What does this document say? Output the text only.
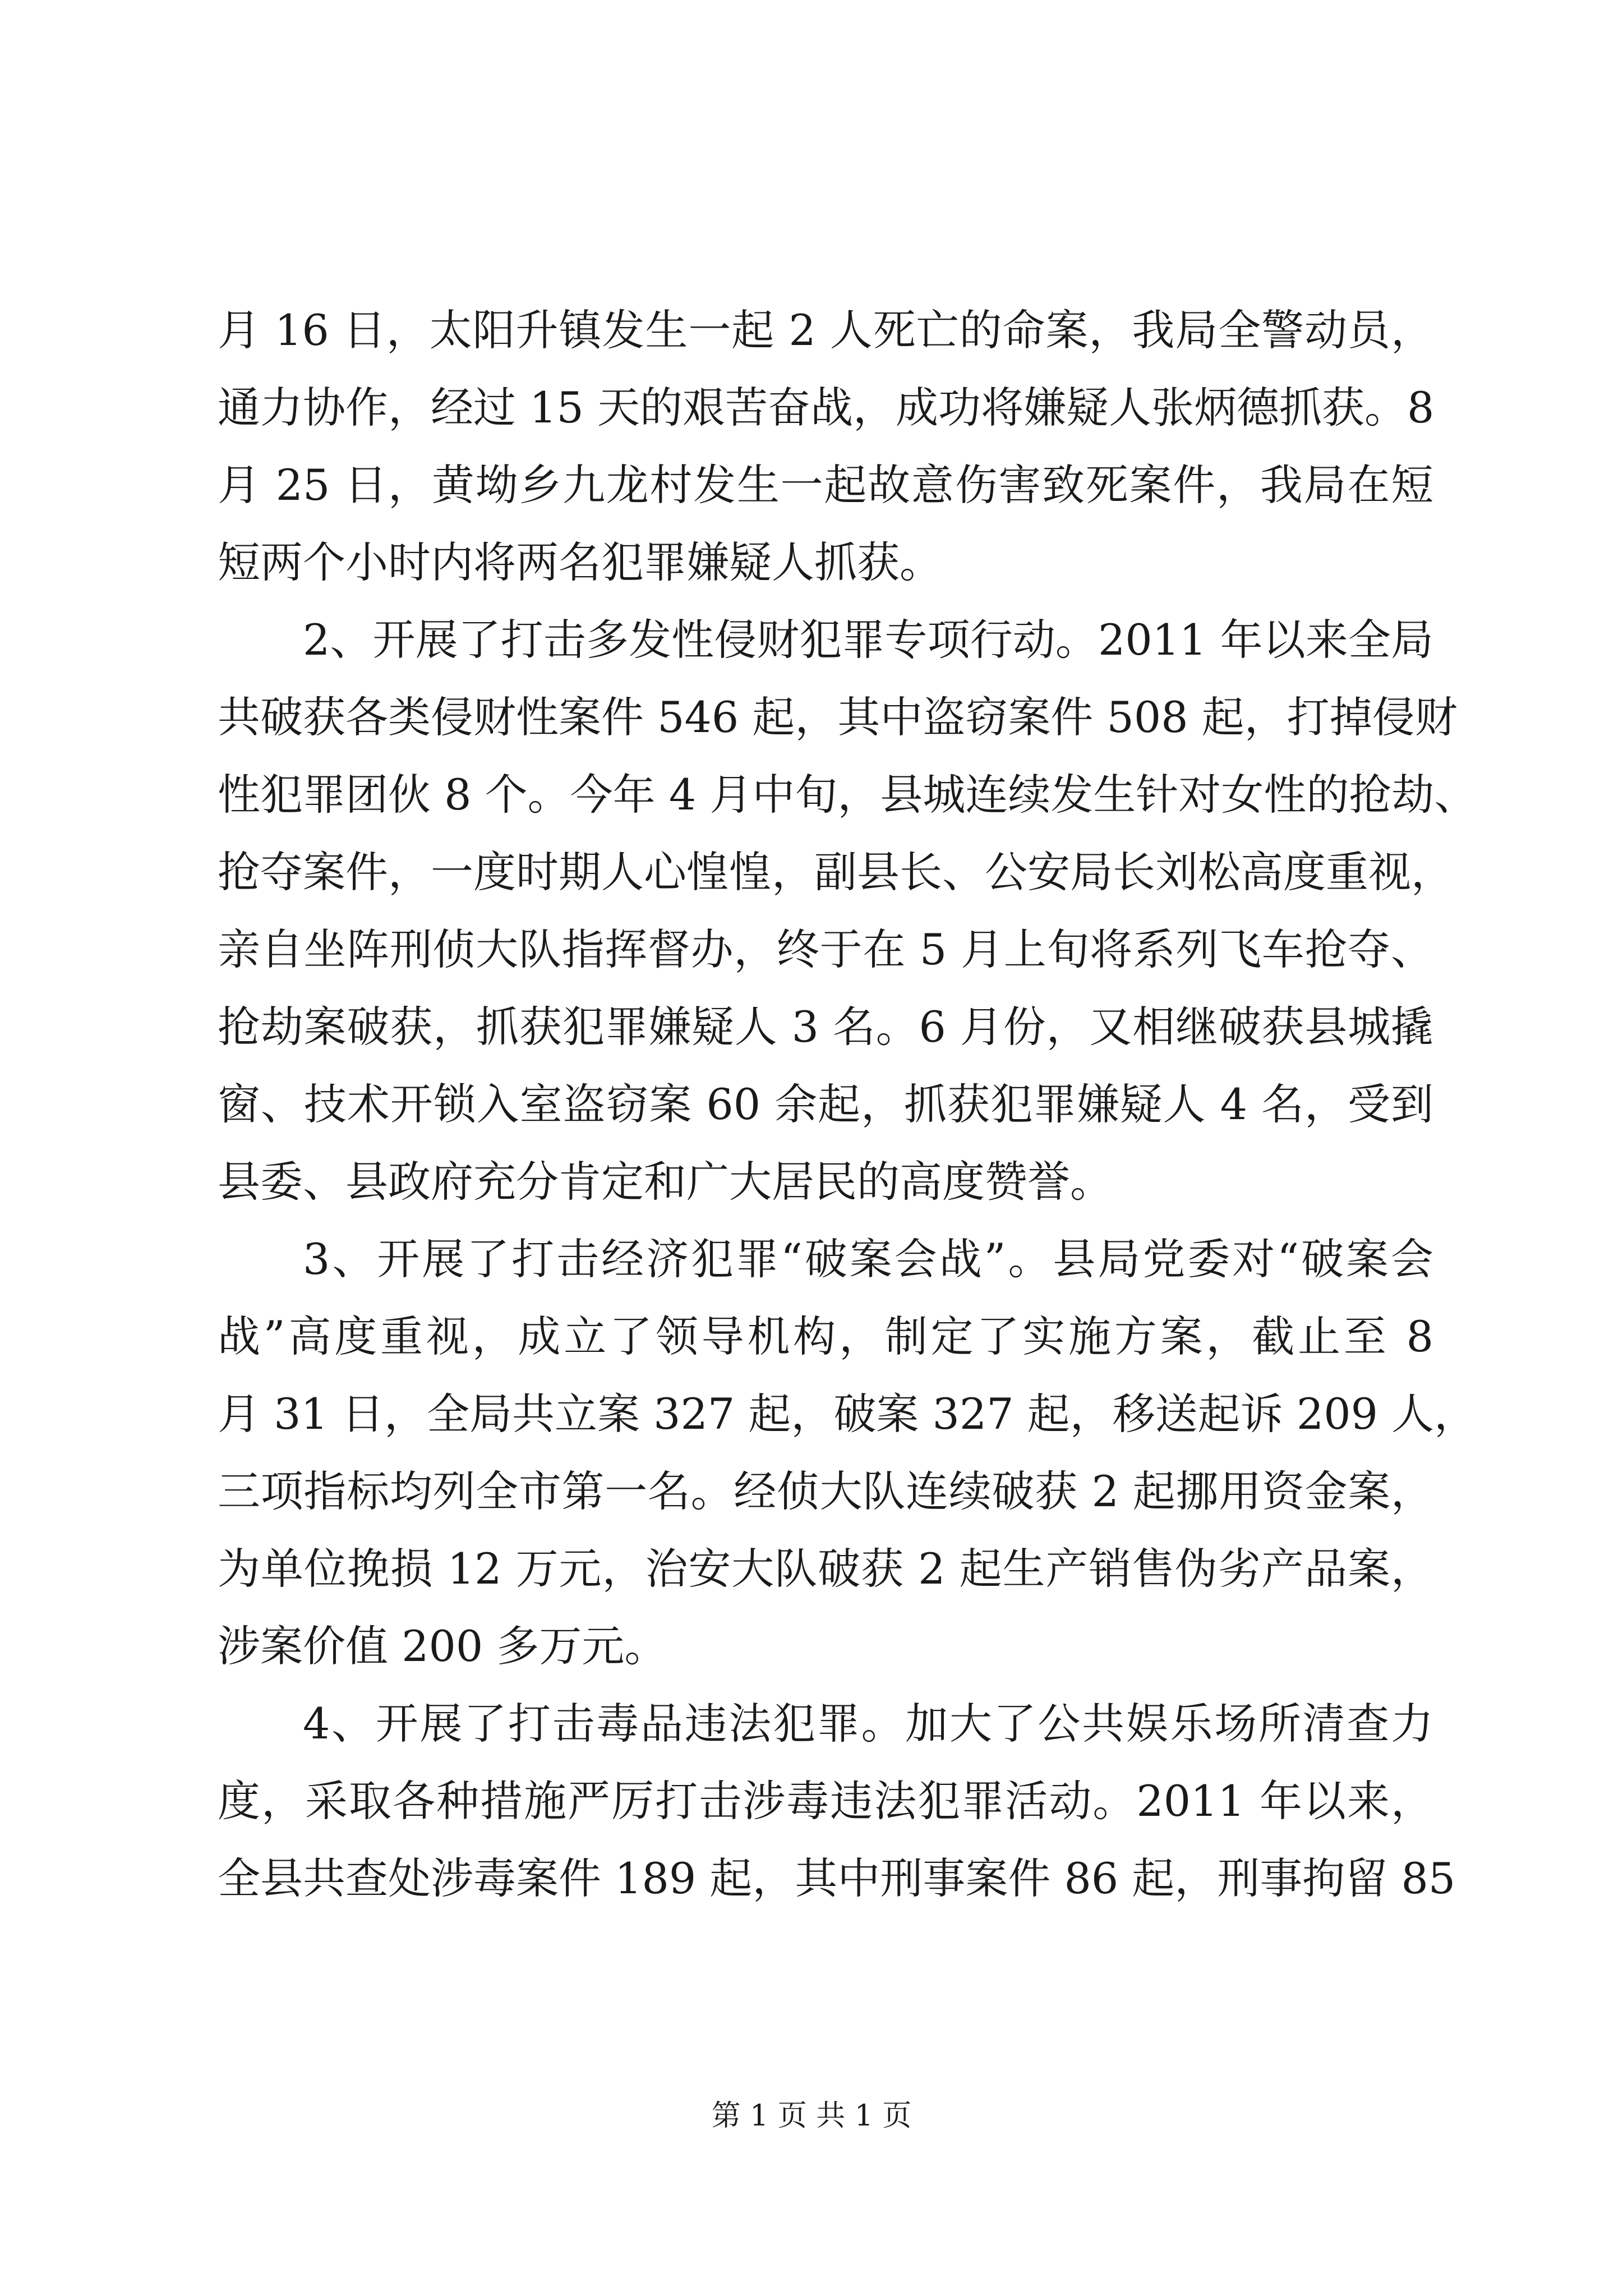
月 16 日，太阳升镇发生一起 2 人死亡的命案，我局全警动员，
通力协作，经过 15 天的艰苦奋战，成功将嫌疑人张炳德抓获。8
月 25 日，黄坳乡九龙村发生一起故意伤害致死案件，我局在短
短两个小时内将两名犯罪嫌疑人抓获。
2、开展了打击多发性侵财犯罪专项行动。2011 年以来全局
共破获各类侵财性案件 546 起，其中盗窃案件 508 起，打掉侵财
性犯罪团伙 8 个。今年 4 月中旬，县城连续发生针对女性的抢劫、
抢夺案件，一度时期人心惶惶，副县长、公安局长刘松高度重视，
亲自坐阵刑侦大队指挥督办，终于在 5 月上旬将系列飞车抢夺、
抢劫案破获，抓获犯罪嫌疑人 3 名。6 月份，又相继破获县城撬
窗、技术开锁入室盗窃案 60 余起，抓获犯罪嫌疑人 4 名，受到
县委、县政府充分肯定和广大居民的高度赞誉。
3、开展了打击经济犯罪“破案会战”。县局党委对“破案会
战”高度重视，成立了领导机构，制定了实施方案，截止至 8
月 31 日，全局共立案 327 起，破案 327 起，移送起诉 209 人，
三项指标均列全市第一名。经侦大队连续破获 2 起挪用资金案，
为单位挽损 12 万元，治安大队破获 2 起生产销售伪劣产品案，
涉案价值 200 多万元。
4、开展了打击毒品违法犯罪。加大了公共娱乐场所清查力
度，采取各种措施严厉打击涉毒违法犯罪活动。2011 年以来，
全县共查处涉毒案件 189 起，其中刑事案件 86 起，刑事拘留 85
第 1 页 共 1 页
